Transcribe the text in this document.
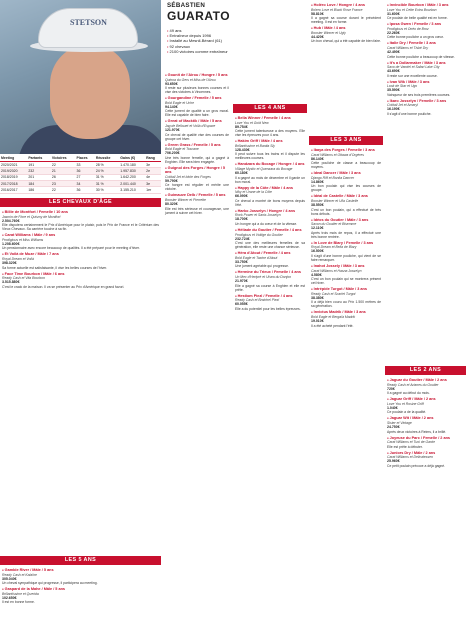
STETSON
Meeting	Partants	Victoires	Places	Réussite	Gains (€)	Rang
2020/2021	191	22	33	28 %	1.470.180	3e
2019/2020	232	21	36	24 %	1.957.830	2e
2018/2019	201	26	27	31 %	1.642.200	4e
2017/2018	184	23	34	31 %	2.001.440	3e
2016/2017	186	22	36	30 %	3.155.210	1er
LES CHEVAUX D'ÂGE
● Billie de Montfort / Femelle / 10 ans
Jasmin de Flore et Quismy de Montfort
2.504.760€
Elle disputera certainement le Prix d'Amérique pour le plaisir, puis le Prix de France et le Critérium des Vieux Chevaux. Sa carrière touche à sa fin.
● Carat Williams / Mâle / 9 ans
Prodigious et Miss Williams
1.208.600€
Un pensionnaire avec encore beaucoup de qualités. Il a été préparé pour le meeting d'hiver.
● Et Voilà de Muze / Mâle / 7 ans
Royal Dream et Voilà
398.320€
Sa forme actuelle est satisfaisante, il vise les belles courses de l'hiver.
● Face Time Bourbon / Mâle / 6 ans
Ready Cash et Vita Bourbon
3.515.880€
C'est le crack de la maison. Il va se présenter au Prix d'Amérique en grand favori.
LES 5 ANS
● Gamble River / Mâle / 5 ans
Ready Cash et Kalaïne
305.040€
Un cheval sympathique qui progresse, il participera au meeting.
● Gaspard de la Mahe / Mâle / 5 ans
Brillantissime et Querida
102.650€
Il est en bonne forme.
● Gounit de l'Airou / Hongre / 5 ans
Quinoa du Gers et Miss de l'Airou
93.650€
Il reste sur plusieurs bonnes courses et il vise des victoires à Vincennes.
● Gourgandine / Femelle / 5 ans
Bold Eagle et Uche
94.140€
Cette jument de qualité a un gros moral. Elle est capable de bien faire.
● Great of Macktik / Mâle / 5 ans
Jag de Bellouet et Voilà d'Espace
121.970€
Ce cheval de qualité vise des courses de groupe cet hiver.
● Green Grass / Femelle / 5 ans
Bold Eagle et Toscane
706.200€
Une très bonne femelle, qui a gagné à Enghien. Elle sera bien engagée.
● Guignol des Forges / Hongre / 5 ans
Coktail Jet et Idole des Forges
59.790€
Ce hongre est régulier et mérite une victoire.
● Guimauve Delb / Femelle / 5 ans
Booster Winner et Pierrette
80.320€
Elle est très sérieuse et courageuse, une jument à suivre cet hiver.
SÉBASTIEN
GUARATO
• 49 ans
• Entraîneur depuis 1996
• Installé au Mesnil-Bérard (61)
• 92 chevaux
• 2100 victoires comme entraîneur
LES 4 ANS
● Bella Winner / Femelle / 4 ans
Love You et Gold New
89.754€
Cette jument talentueuse a des moyens. Elle vise les épreuves pour 4 ans.
● Hakim Griff / Mâle / 4 ans
Brillantissime et Banita Sly
128.430€
Il peut suivre tous les trains et il dispute les meilleures courses.
● Handzara du Bocage / Hongre / 4 ans
Village Mystic et Quenzara du Bocage
60.180€
Il a gagné au mois de décembre et il garde un bon moral.
● Happy de la Côte / Mâle / 4 ans
Niky et Urane de la Côte
66.090€
Ce cheval a montré de bons moyens depuis l'été.
● Harko Josselyn / Hongre / 4 ans
Rock Power et Sanis Josselyn
18.700€
Un hongre qui a du cœur et de la vitesse.
● Héliade du Goutier / Femelle / 4 ans
Prodigious et Voltige du Goutier
232.724€
C'est une des meilleures femelles de sa génération, elle reste une chance sérieuse.
● Héra d'Atout / Femelle / 4 ans
Bold Eagle et Taxine d'Atout
33.750€
Une jument agréable qui progresse.
● Hermine du Trieux / Femelle / 4 ans
Un Mec d'Heripré et Ulsea du Donjon
21.970€
Elle a gagné sa course à Enghien et elle est prête.
● Hestiom Piezl / Femelle / 4 ans
Ready Cash et Bratchel Piezl
60.055€
Elle a du potentiel pour les belles épreuves.
● Holéro Love / Hongre / 4 ans
Bolero Love et Black Rose France
58.810€
Il a gagné sa course durant le précédent meeting. Il est en forme.
● Hub / Mâle / 4 ans
Booster Winner et Ugly
44.420€
Un bon cheval, qui a été capable de bien faire.
LES 3 ANS
● Ibaya des Forges / Femelle / 3 ans
Carat Williams et Ottawa d'Orgères
86.140€
Cette pouliche de classe a beaucoup de moyens.
● Ideal Dancer / Mâle / 3 ans
Django Riff et Bonita Dancer
14.860€
Un bon poulain qui vise les courses de groupe.
● Idéal de Castelle / Mâle / 3 ans
Booster Winner et Ulla Castelle
38.550€
C'est un bon poulain, qui a effectué de très bons débuts.
● Idéos du Goutier / Mâle / 3 ans
Saxon du Goutier et Bisemme
12.110€
Après trois mois de repos, il a effectué une très bonne rentrée.
● In Love de Blary / Femelle / 3 ans
Royal Dream et Bella de Blary
16.500€
Il s'agit d'une bonne pouliche, qui vient de se faire remarquer.
● Inahot Jossely / Mâle / 3 ans
Carat Williams et Hasna Josselyn
4.580€
C'est un bon poulain qui se montrera présent cet hiver.
● Intrépide Turgot / Mâle / 3 ans
Ready Cash et Scarlet Turgot
38.380€
Il a déjà bien couru au Prix 1.500 mètres de sa génération.
● Invictus Madrik / Mâle / 3 ans
Bold Eagle et Bergaïa Madrik
19.010€
Il a été acheté pendant l'été.
● Invincible Bourbon / Mâle / 3 ans
Love You et Cette Extra Bourbon
31.600€
Ce poulain de belle qualité est en forme.
● Iposa Gwen / Femelle / 3 ans
Prodigious et Onéo de Broz
22.260€
Cette bonne pouliche a un gros cœur.
● Italie Dry / Femelle / 3 ans
Carat Williams et Tisbé Dry
42.490€
Cette bonne pouliche a beaucoup de vitesse.
● It's a Dollarmaker / Mâle / 3 ans
Saxo de Vandel et Safari Lake City
43.690€
Il reste sur une excellente course.
● Ivan Wik / Mâle / 3 ans
Look de Star et Ugo
35.590€
Vainqueur de ses trois premières courses.
● Ikaro Josselyn / Femelle / 3 ans
Coktail Jet et Amaryl
16.190€
Il s'agit d'une bonne pouliche.
LES 2 ANS
● Jaguar du Goutier / Mâle / 2 ans
Ready Cash et Arianes du Goutier
720€
Il a gagné au début du mois.
● Jaguar Griff / Mâle / 2 ans
Love You et Rosine Griff
1.040€
Ce poulain a de la qualité.
● Jaguar Wit / Mâle / 2 ans
Sister et Vintage
24.750€
Après deux victoires à Reims, il a brillé.
● Joyeuse du Parc / Femelle / 2 ans
Carat Williams et Tuoi de Garde
Elle est prête à débuter.
● Juniors Dry / Mâle / 2 ans
Carat Williams et Delicatessen
25.960€
Ce petit poulain précoce a déjà gagné.
